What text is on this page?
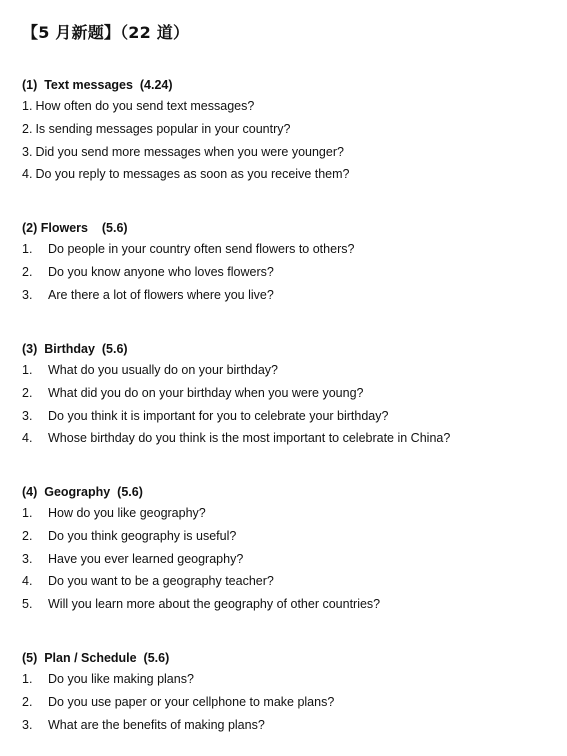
【5 月新题】（22 道）
(1)  Text messages  (4.24)
1. How often do you send text messages?
2. Is sending messages popular in your country?
3. Did you send more messages when you were younger?
4. Do you reply to messages as soon as you receive them?
(2) Flowers    (5.6)
1. Do people in your country often send flowers to others?
2. Do you know anyone who loves flowers?
3. Are there a lot of flowers where you live?
(3)  Birthday  (5.6)
1. What do you usually do on your birthday?
2. What did you do on your birthday when you were young?
3. Do you think it is important for you to celebrate your birthday?
4. Whose birthday do you think is the most important to celebrate in China?
(4)  Geography  (5.6)
1. How do you like geography?
2. Do you think geography is useful?
3. Have you ever learned geography?
4. Do you want to be a geography teacher?
5. Will you learn more about the geography of other countries?
(5)  Plan / Schedule  (5.6)
1. Do you like making plans?
2. Do you use paper or your cellphone to make plans?
3. What are the benefits of making plans?
